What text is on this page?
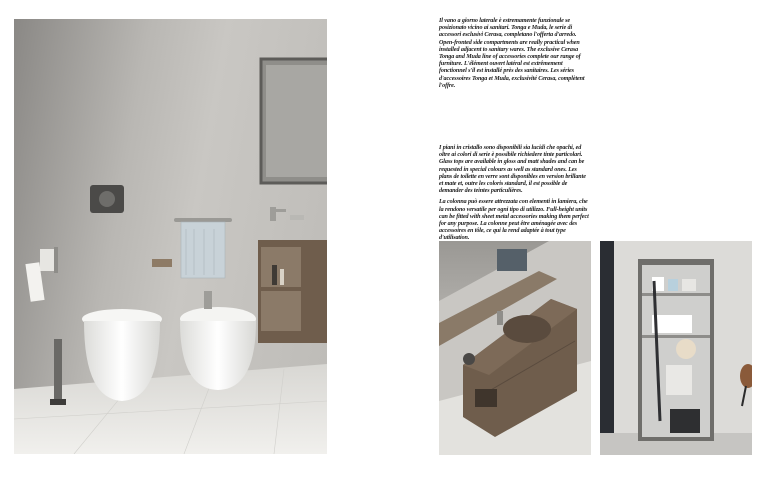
Il vano a giorno laterale è estremamente funzionale se posizionato vicino ai sanitari. Tonga e Muda, le serie di accessori esclusivi Cerasa, completano l'offerta d'arredo. Open-fronted side compartments are really practical when installed adjacent to sanitary wares. The exclusive Cerasa Tonga and Muda line of accessories complete our range of furniture. L'élément ouvert latéral est extrêmement fonctionnel s'il est installé près des sanitaires. Les séries d'accessoires Tonga et Muda, exclusivité Cerasa, complètent l'offre.

I piani in cristallo sono disponibili sia lucidi che opachi, ed oltre ai colori di serie è possibile richiedere tinte particolari. Glass tops are available in gloss and matt shades and can be requested in special colours as well as standard ones. Les plans de toilette en verre sont disponibles en version brillante et mate et, outre les coloris standard, il est possible de demander des teintes particulières.

La colonna può essere attrezzata con elementi in lamiera, che la rendono versatile per ogni tipo di utilizzo. Full-height units can be fitted with sheet metal accessories making them perfect for any purpose. La colonne peut être aménagée avec des accessoires en tôle, ce qui la rend adaptée à tout type d'utilisation.
